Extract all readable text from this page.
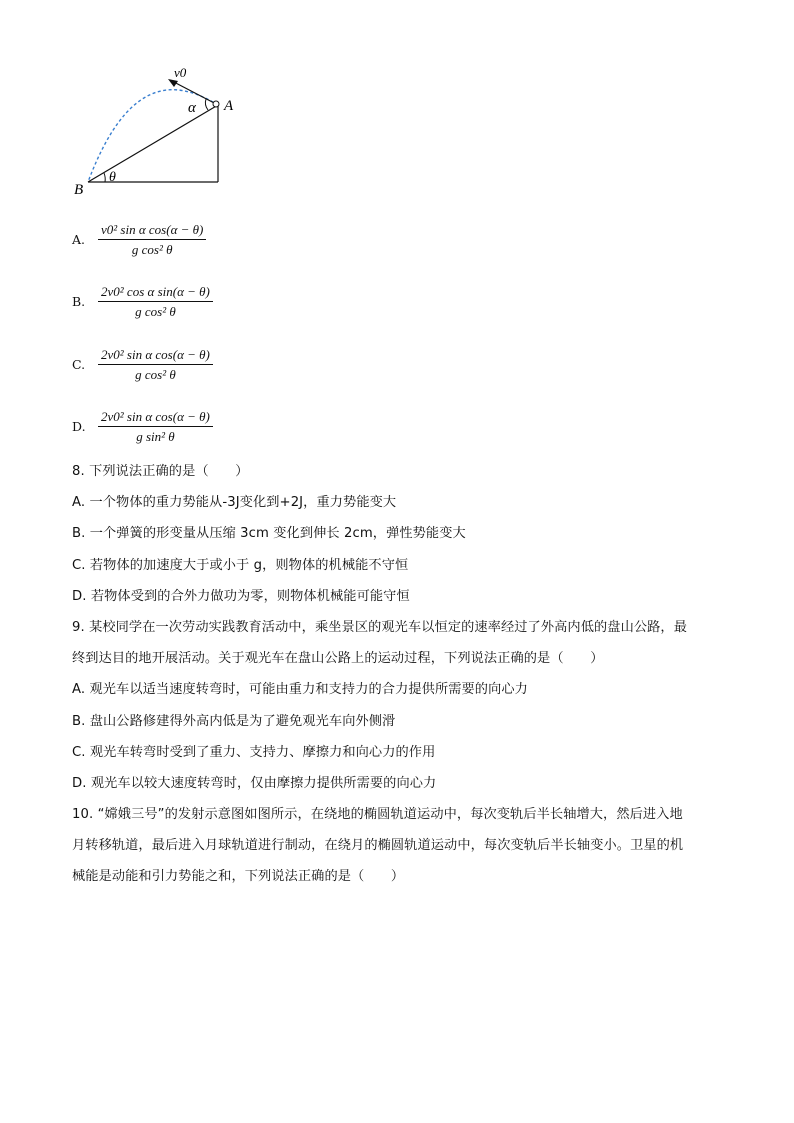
v0
α A
B
θ
A. $\frac{\text{v0² sin α cos(α − θ)}}{\text{g cos² θ}}$
B. $\frac{\text{2v0² cos α sin(α − θ)}}{\text{g cos² θ}}$
C. $\frac{\text{2v0² sin α cos(α − θ)}}{\text{g cos² θ}}$
D. $\frac{\text{2v0² sin α cos(α − θ)}}{\text{g sin² θ}}$
8. 下列说法正确的是（　　）
A. 一个物体的重力势能从-3J变化到+2J，重力势能变大
B. 一个弹簧的形变量从压缩 3cm 变化到伸长 2cm，弹性势能变大
C. 若物体的加速度大于或小于 g，则物体的机械能不守恒
D. 若物体受到的合外力做功为零，则物体机械能可能守恒
9. 某校同学在一次劳动实践教育活动中，乘坐景区的观光车以恒定的速率经过了外高内低的盘山公路，最
终到达目的地开展活动。关于观光车在盘山公路上的运动过程，下列说法正确的是（　　）
A. 观光车以适当速度转弯时，可能由重力和支持力的合力提供所需要的向心力
B. 盘山公路修建得外高内低是为了避免观光车向外侧滑
C. 观光车转弯时受到了重力、支持力、摩擦力和向心力的作用
D. 观光车以较大速度转弯时，仅由摩擦力提供所需要的向心力
10. “嫦娥三号”的发射示意图如图所示，在绕地的椭圆轨道运动中，每次变轨后半长轴增大，然后进入地
月转移轨道，最后进入月球轨道进行制动，在绕月的椭圆轨道运动中，每次变轨后半长轴变小。卫星的机
械能是动能和引力势能之和，下列说法正确的是（　　）
